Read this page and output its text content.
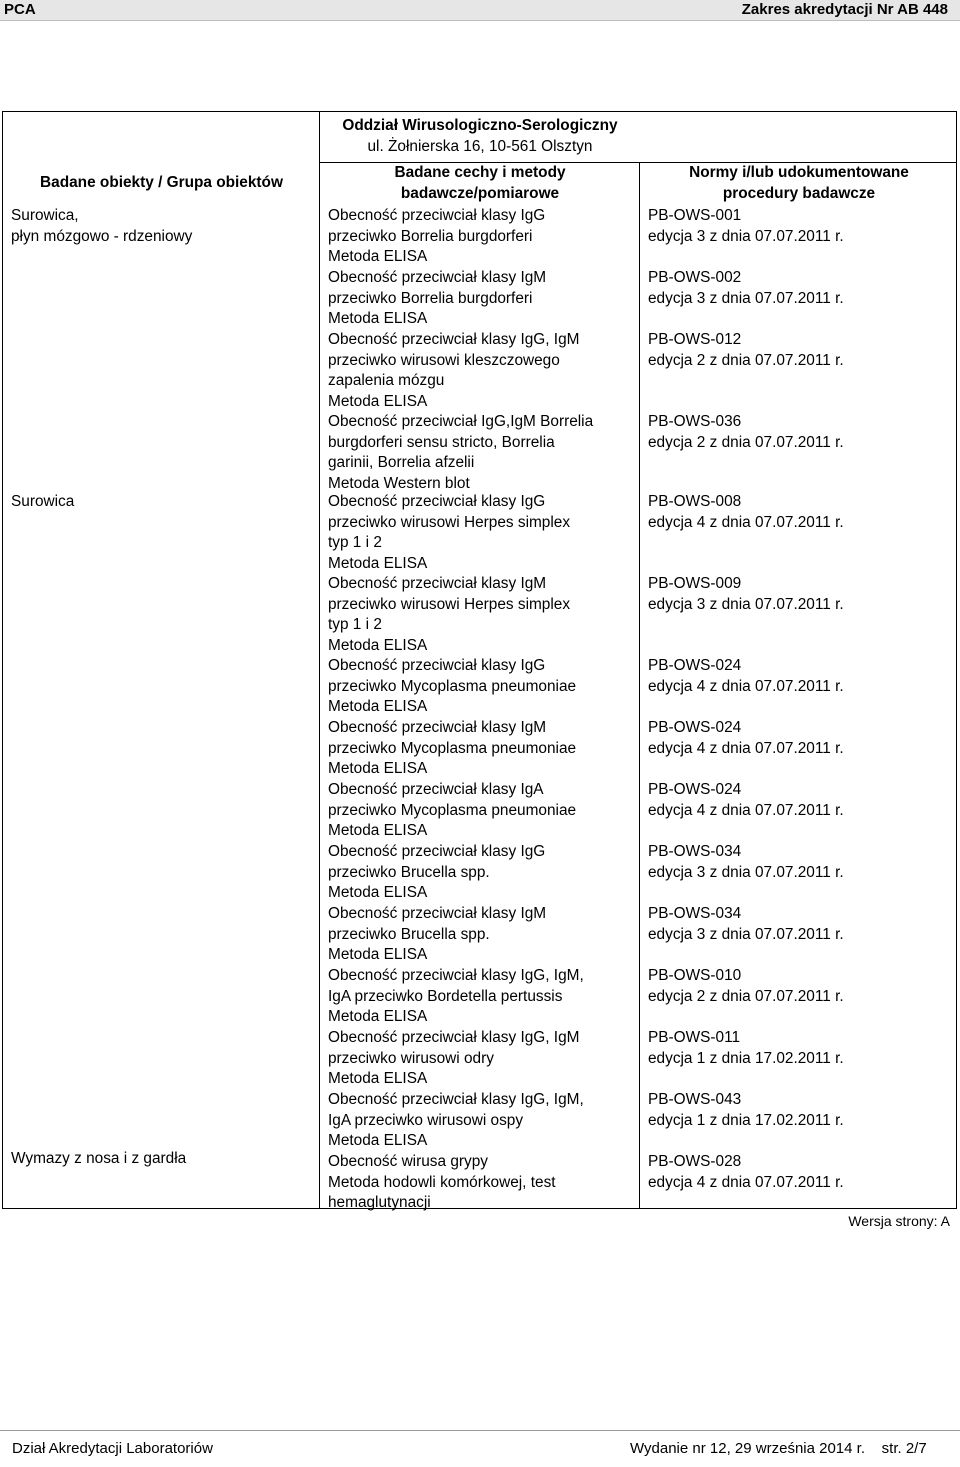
PCA	Zakres akredytacji Nr AB 448
Oddział Wirusologiczno-Serologiczny
ul. Żołnierska 16, 10-561 Olsztyn
Badane obiekty / Grupa obiektów
Badane cechy i metody
badawcze/pomiarowe
Normy i/lub udokumentowane
procedury badawcze
Surowica,
płyn mózgowo - rdzeniowy
Surowica
Wymazy z nosa i z gardła
Obecność przeciwciał klasy IgG
przeciwko Borrelia burgdorferi
Metoda ELISA
PB-OWS-001
edycja 3 z dnia 07.07.2011 r.
Obecność przeciwciał klasy IgM
przeciwko Borrelia burgdorferi
Metoda ELISA
PB-OWS-002
edycja 3 z dnia 07.07.2011 r.
Obecność przeciwciał klasy IgG, IgM
przeciwko wirusowi kleszczowego
zapalenia mózgu
Metoda ELISA
PB-OWS-012
edycja 2 z dnia 07.07.2011 r.
Obecność przeciwciał IgG,IgM Borrelia
burgdorferi sensu stricto, Borrelia
garinii, Borrelia afzelii
Metoda Western blot
PB-OWS-036
edycja 2 z dnia 07.07.2011 r.
Obecność przeciwciał klasy IgG
przeciwko wirusowi Herpes simplex
typ 1 i 2
Metoda ELISA
PB-OWS-008
edycja 4 z dnia 07.07.2011 r.
Obecność przeciwciał klasy IgM
przeciwko wirusowi Herpes simplex
typ 1 i 2
Metoda ELISA
PB-OWS-009
edycja 3 z dnia 07.07.2011 r.
Obecność przeciwciał klasy IgG
przeciwko Mycoplasma pneumoniae
Metoda ELISA
PB-OWS-024
edycja 4 z dnia 07.07.2011 r.
Obecność przeciwciał klasy IgM
przeciwko Mycoplasma pneumoniae
Metoda ELISA
PB-OWS-024
edycja 4 z dnia 07.07.2011 r.
Obecność przeciwciał klasy IgA
przeciwko Mycoplasma pneumoniae
Metoda ELISA
PB-OWS-024
edycja 4 z dnia 07.07.2011 r.
Obecność przeciwciał klasy IgG
przeciwko Brucella spp.
Metoda ELISA
PB-OWS-034
edycja 3 z dnia 07.07.2011 r.
Obecność przeciwciał klasy IgM
przeciwko Brucella spp.
Metoda ELISA
PB-OWS-034
edycja 3 z dnia 07.07.2011 r.
Obecność przeciwciał klasy IgG, IgM,
IgA przeciwko Bordetella pertussis
Metoda ELISA
PB-OWS-010
edycja 2 z dnia 07.07.2011 r.
Obecność przeciwciał klasy IgG, IgM
przeciwko wirusowi odry
Metoda ELISA
PB-OWS-011
edycja 1 z dnia 17.02.2011 r.
Obecność przeciwciał klasy IgG, IgM,
IgA przeciwko wirusowi ospy
Metoda ELISA
PB-OWS-043
edycja 1 z dnia 17.02.2011 r.
Obecność wirusa grypy
Metoda hodowli komórkowej, test
hemaglutynacji
PB-OWS-028
edycja 4 z dnia 07.07.2011 r.
Wersja strony: A
Dział Akredytacji Laboratoriów	Wydanie nr 12, 29 września 2014 r.    str. 2/7
